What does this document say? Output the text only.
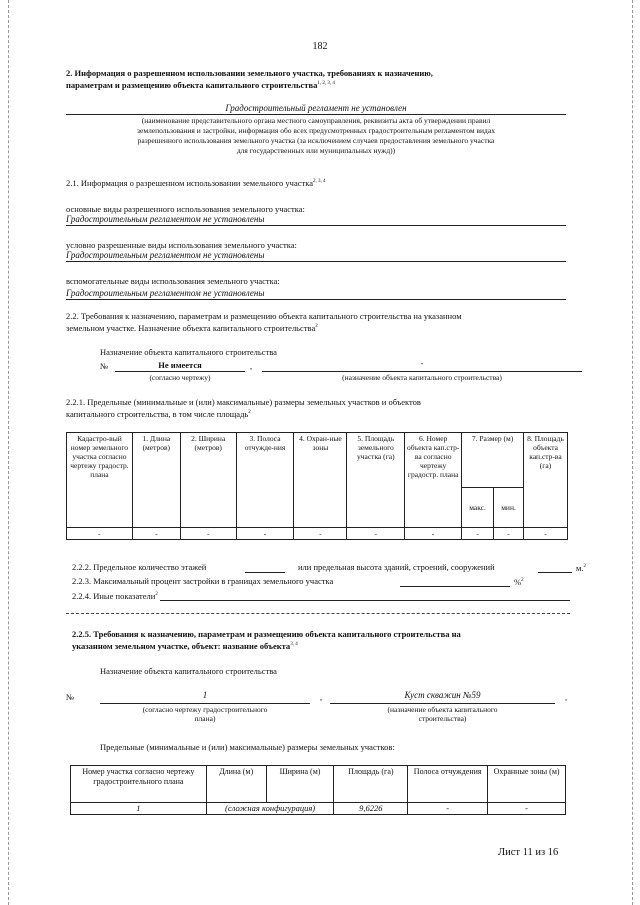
182
2. Информация о разрешенном использовании земельного участка, требованиях к назначению,
параметрам и размещению объекта капитального строительства$^{1, 2, 3, 4}$
Градостроительный регламент не установлен
(наименование представительного органа местного самоуправления, реквизиты акта об утверждении правил
землепользования и застройки, информация обо всех предусмотренных градостроительным регламентом видах
разрешенного использования земельного участка (за исключением случаев предоставления земельного участка
для государственных или муниципальных нужд))
2.1. Информация о разрешенном использовании земельного участка$^{2, 3, 4}$
основные виды разрешенного использования земельного участка:
Градостроительным регламентом не установлены
условно разрешенные виды использования земельного участка:
Градостроительным регламентом не установлены
вспомогательные виды использования земельного участка:
Градостроительным регламентом не установлены
2.2. Требования к назначению, параметрам и размещению объекта капитального строительства на указанном
земельном участке. Назначение объекта капитального строительства$^2$
Назначение объекта капитального строительства
№	Не имеется	,	-
(согласно чертежу)	(назначение объекта капитального строительства)
2.2.1. Предельные (минимальные и (или) максимальные) размеры земельных участков и объектов
капитального строительства, в том числе площадь$^2$
Кадастро-вый номер земельного участка согласно чертежу градостр. плана	1. Длина (метров)	2. Ширина (метров)	3. Полоса отчужде-ния	4. Охран-ные зоны	5. Площадь земельного участка (га)	6. Номер объекта кап.стр-ва согласно чертежу градостр. плана	7. Размер (м)		8. Площадь объекта кап.стр-ва (га)
							макс.	мин.	
-	-	-	-	-	-	-	-	-	-
2.2.2. Предельное количество этажей	или предельная высота зданий, строений, сооружений	м.$^2$
2.2.3. Максимальный процент застройки в границах земельного участка	%$^2$
2.2.4. Иные показатели$^2$
2.2.5. Требования к назначению, параметрам и размещению объекта капитального строительства на
указанном земельном участке, объект: название объекта$^{3, 4}$
Назначение объекта капитального строительства
№	1	,	Куст скважин №59	,
(согласно чертежу градостроительного
плана)
(назначение объекта капитального
строительства)
Предельные (минимальные и (или) максимальные) размеры земельных участков:
Номер участка согласно чертежу градостроительного плана	Длина (м)	Ширина (м)	Площадь (га)	Полоса отчуждения	Охранные зоны (м)
1	(сложная конфигурация)		9,6226	-	-
Лист 11 из 16
